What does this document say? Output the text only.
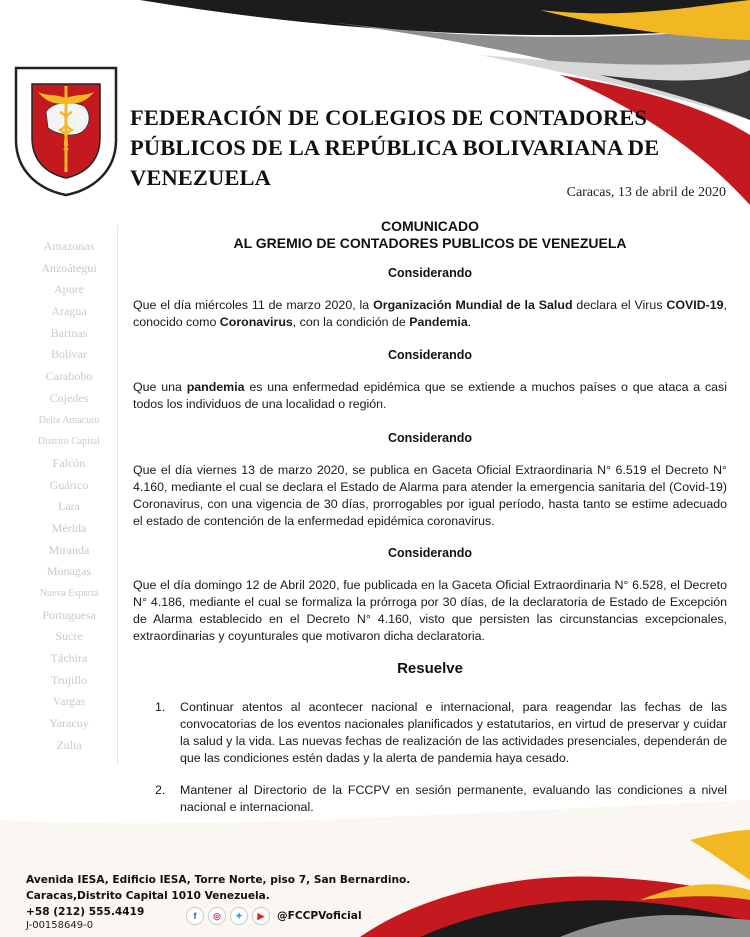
FEDERACIÓN DE COLEGIOS DE CONTADORES PÚBLICOS DE LA REPÚBLICA BOLIVARIANA DE VENEZUELA
Caracas, 13 de abril de 2020
Amazonas
Anzoátegui
Apure
Aragua
Barinas
Bolívar
Carabobo
Cojedes
Delta Amacuro
Distrito Capital
Falcón
Guárico
Lara
Mérida
Miranda
Monagas
Nueva Esparta
Portuguesa
Sucre
Táchira
Trujillo
Vargas
Yaracuy
Zulia
COMUNICADO
AL GREMIO DE CONTADORES PUBLICOS DE VENEZUELA
Considerando
Que el día miércoles 11 de marzo 2020, la Organización Mundial de la Salud declara el Virus COVID-19, conocido como Coronavirus, con la condición de Pandemia.
Considerando
Que una pandemia es una enfermedad epidémica que se extiende a muchos países o que ataca a casi todos los individuos de una localidad o región.
Considerando
Que el día viernes 13 de marzo 2020, se publica en Gaceta Oficial Extraordinaria N° 6.519 el Decreto N° 4.160, mediante el cual se declara el Estado de Alarma para atender la emergencia sanitaria del (Covid-19) Coronavirus, con una vigencia de 30 días, prorrogables por igual período, hasta tanto se estime adecuado el estado de contención de la enfermedad epidémica coronavirus.
Considerando
Que el día domingo 12 de Abril 2020, fue publicada en la Gaceta Oficial Extraordinaria N° 6.528, el Decreto N° 4.186, mediante el cual se formaliza la prórroga por 30 días, de la declaratoria de Estado de Excepción de Alarma establecido en el Decreto N° 4.160, visto que persisten las circunstancias excepcionales, extraordinarias y coyunturales que motivaron dicha declaratoria.
Resuelve
1. Continuar atentos al acontecer nacional e internacional, para reagendar las fechas de las convocatorias de los eventos nacionales planificados y estatutarios, en virtud de preservar y cuidar la salud y la vida. Las nuevas fechas de realización de las actividades presenciales, dependerán de que las condiciones estén dadas y la alerta de pandemia haya cesado.
2. Mantener al Directorio de la FCCPV en sesión permanente, evaluando las condiciones a nivel nacional e internacional.
Avenida IESA, Edificio IESA, Torre Norte, piso 7, San Bernardino.
Caracas,Distrito Capital 1010 Venezuela.
+58 (212) 555.4419
J-00158649-0
f	◎	✦	▶	@FCCPVoficial
